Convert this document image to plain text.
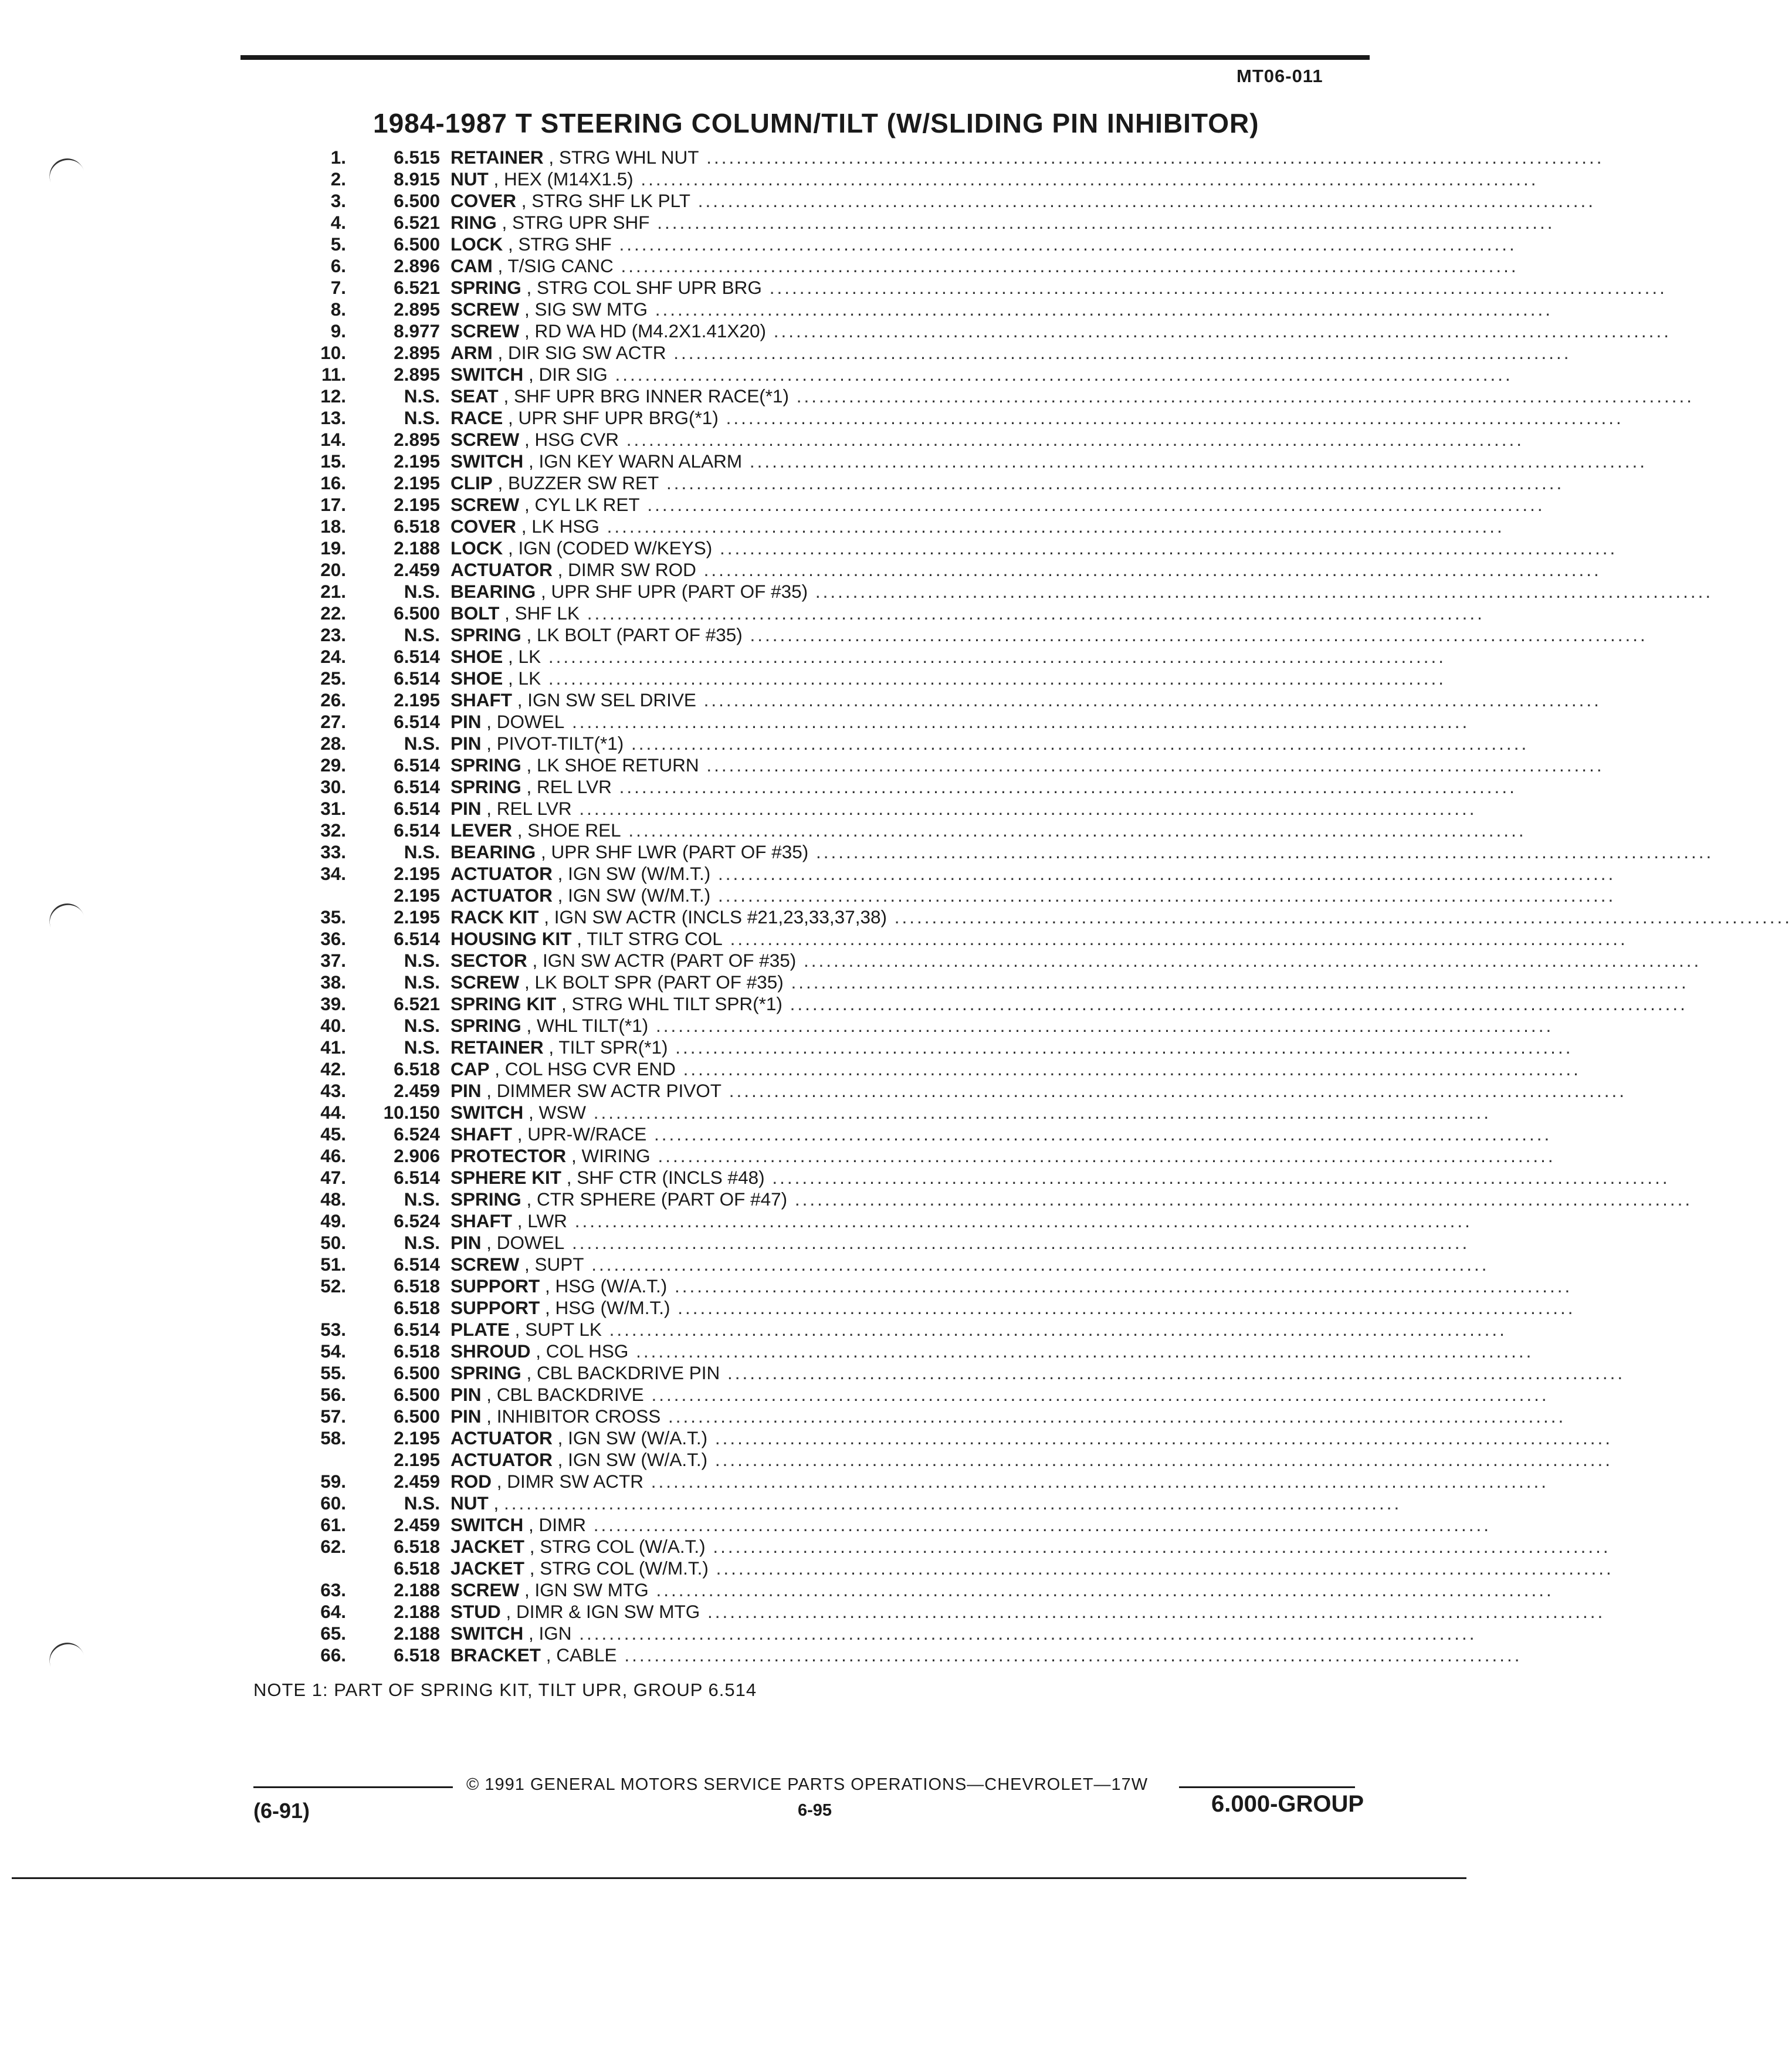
MT06-011
1984-1987 T STEERING COLUMN/TILT (W/SLIDING PIN INHIBITOR)
1.	6.515 RETAINER , STRG WHL NUT ........................................................................................................................
2.	8.915 NUT , HEX (M14X1.5) ........................................................................................................................
3.	6.500 COVER , STRG SHF LK PLT ........................................................................................................................
4.	6.521 RING , STRG UPR SHF ........................................................................................................................
5.	6.500 LOCK , STRG SHF ........................................................................................................................
6.	2.896 CAM , T/SIG CANC ........................................................................................................................
7.	6.521 SPRING , STRG COL SHF UPR BRG ........................................................................................................................
8.	2.895 SCREW , SIG SW MTG ........................................................................................................................
9.	8.977 SCREW , RD WA HD (M4.2X1.41X20) ........................................................................................................................
10.	2.895 ARM , DIR SIG SW ACTR ........................................................................................................................
11.	2.895 SWITCH , DIR SIG ........................................................................................................................
12.	N.S. SEAT , SHF UPR BRG INNER RACE(*1) ........................................................................................................................
13.	N.S. RACE , UPR SHF UPR BRG(*1) ........................................................................................................................
14.	2.895 SCREW , HSG CVR ........................................................................................................................
15.	2.195 SWITCH , IGN KEY WARN ALARM ........................................................................................................................
16.	2.195 CLIP , BUZZER SW RET ........................................................................................................................
17.	2.195 SCREW , CYL LK RET ........................................................................................................................
18.	6.518 COVER , LK HSG ........................................................................................................................
19.	2.188 LOCK , IGN (CODED W/KEYS) ........................................................................................................................
20.	2.459 ACTUATOR , DIMR SW ROD ........................................................................................................................
21.	N.S. BEARING , UPR SHF UPR (PART OF #35) ........................................................................................................................
22.	6.500 BOLT , SHF LK ........................................................................................................................
23.	N.S. SPRING , LK BOLT (PART OF #35) ........................................................................................................................
24.	6.514 SHOE , LK ........................................................................................................................
25.	6.514 SHOE , LK ........................................................................................................................
26.	2.195 SHAFT , IGN SW SEL DRIVE ........................................................................................................................
27.	6.514 PIN , DOWEL ........................................................................................................................
28.	N.S. PIN , PIVOT-TILT(*1) ........................................................................................................................
29.	6.514 SPRING , LK SHOE RETURN ........................................................................................................................
30.	6.514 SPRING , REL LVR ........................................................................................................................
31.	6.514 PIN , REL LVR ........................................................................................................................
32.	6.514 LEVER , SHOE REL ........................................................................................................................
33.	N.S. BEARING , UPR SHF LWR (PART OF #35) ........................................................................................................................
34.	2.195 ACTUATOR , IGN SW (W/M.T.) ........................................................................................................................
2.195 ACTUATOR , IGN SW (W/M.T.) ........................................................................................................................
35.	2.195 RACK KIT , IGN SW ACTR (INCLS #21,23,33,37,38) ........................................................................................................................
36.	6.514 HOUSING KIT , TILT STRG COL ........................................................................................................................
37.	N.S. SECTOR , IGN SW ACTR (PART OF #35) ........................................................................................................................
38.	N.S. SCREW , LK BOLT SPR (PART OF #35) ........................................................................................................................
39.	6.521 SPRING KIT , STRG WHL TILT SPR(*1) ........................................................................................................................
40.	N.S. SPRING , WHL TILT(*1) ........................................................................................................................
41.	N.S. RETAINER , TILT SPR(*1) ........................................................................................................................
42.	6.518 CAP , COL HSG CVR END ........................................................................................................................
43.	2.459 PIN , DIMMER SW ACTR PIVOT ........................................................................................................................
44.	10.150 SWITCH , WSW ........................................................................................................................
45.	6.524 SHAFT , UPR-W/RACE ........................................................................................................................
46.	2.906 PROTECTOR , WIRING ........................................................................................................................
47.	6.514 SPHERE KIT , SHF CTR (INCLS #48) ........................................................................................................................
48.	N.S. SPRING , CTR SPHERE (PART OF #47) ........................................................................................................................
49.	6.524 SHAFT , LWR ........................................................................................................................
50.	N.S. PIN , DOWEL ........................................................................................................................
51.	6.514 SCREW , SUPT ........................................................................................................................
52.	6.518 SUPPORT , HSG (W/A.T.) ........................................................................................................................
6.518 SUPPORT , HSG (W/M.T.) ........................................................................................................................
53.	6.514 PLATE , SUPT LK ........................................................................................................................
54.	6.518 SHROUD , COL HSG ........................................................................................................................
55.	6.500 SPRING , CBL BACKDRIVE PIN ........................................................................................................................
56.	6.500 PIN , CBL BACKDRIVE ........................................................................................................................
57.	6.500 PIN , INHIBITOR CROSS ........................................................................................................................
58.	2.195 ACTUATOR , IGN SW (W/A.T.) ........................................................................................................................
2.195 ACTUATOR , IGN SW (W/A.T.) ........................................................................................................................
59.	2.459 ROD , DIMR SW ACTR ........................................................................................................................
60.	N.S. NUT , ........................................................................................................................
61.	2.459 SWITCH , DIMR ........................................................................................................................
62.	6.518 JACKET , STRG COL (W/A.T.) ........................................................................................................................
6.518 JACKET , STRG COL (W/M.T.) ........................................................................................................................
63.	2.188 SCREW , IGN SW MTG ........................................................................................................................
64.	2.188 STUD , DIMR & IGN SW MTG ........................................................................................................................
65.	2.188 SWITCH , IGN ........................................................................................................................
66.	6.518 BRACKET , CABLE ........................................................................................................................
NOTE 1: PART OF SPRING KIT, TILT UPR, GROUP 6.514
© 1991 GENERAL MOTORS SERVICE PARTS OPERATIONS—CHEVROLET—17W
(6-91)	6-95	6.000-GROUP
